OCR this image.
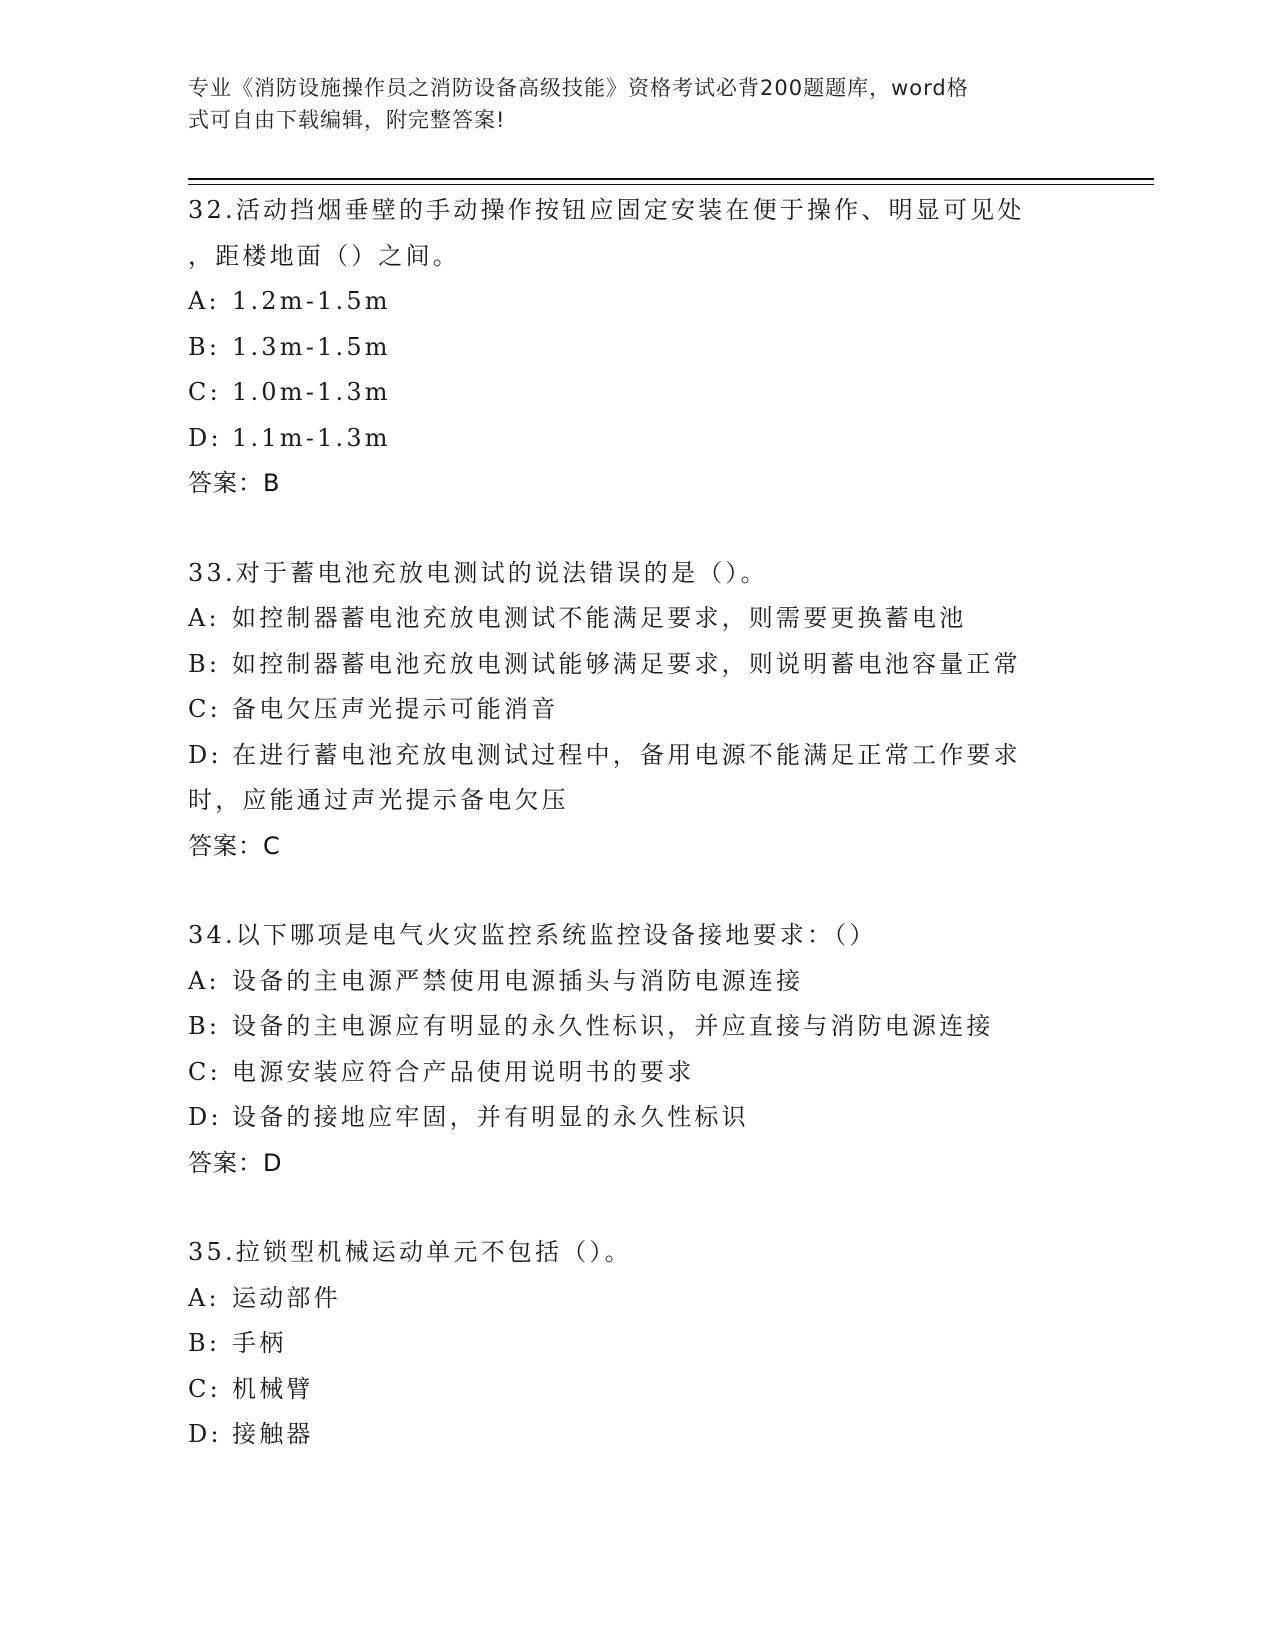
专业《消防设施操作员之消防设备高级技能》资格考试必背200题题库，word格
式可自由下载编辑，附完整答案!

32.活动挡烟垂壁的手动操作按钮应固定安装在便于操作、明显可见处

，距楼地面（）之间。

A: 1.2m-1.5m

B: 1.3m-1.5m

C: 1.0m-1.3m

D: 1.1m-1.3m

答案：B

33.对于蓄电池充放电测试的说法错误的是（）。

A: 如控制器蓄电池充放电测试不能满足要求，则需要更换蓄电池

B: 如控制器蓄电池充放电测试能够满足要求，则说明蓄电池容量正常

C: 备电欠压声光提示可能消音

D: 在进行蓄电池充放电测试过程中，备用电源不能满足正常工作要求

时，应能通过声光提示备电欠压

答案：C

34.以下哪项是电气火灾监控系统监控设备接地要求：（）

A: 设备的主电源严禁使用电源插头与消防电源连接

B: 设备的主电源应有明显的永久性标识，并应直接与消防电源连接

C: 电源安装应符合产品使用说明书的要求

D: 设备的接地应牢固，并有明显的永久性标识

答案：D

35.拉锁型机械运动单元不包括（）。

A: 运动部件

B: 手柄

C: 机械臂

D: 接触器
